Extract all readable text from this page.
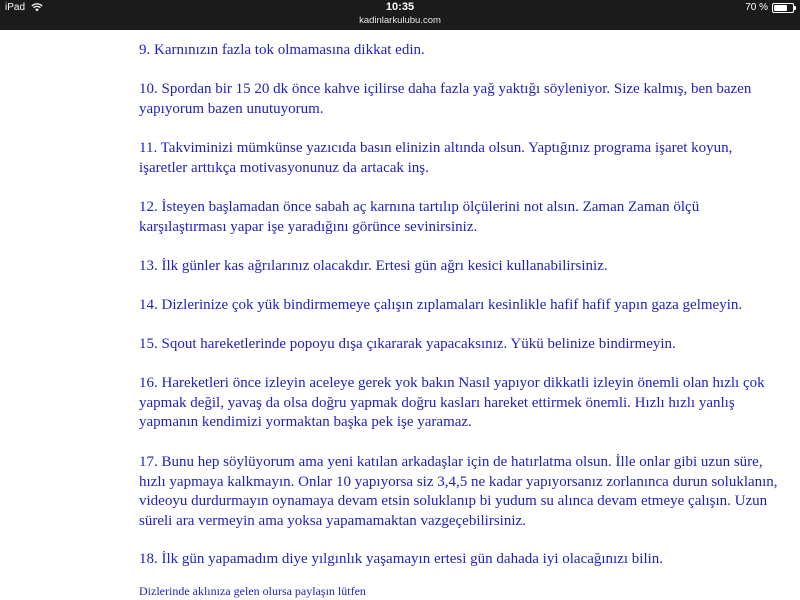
iPad	10:35
kadinlarkulubu.com
70 %

9. Karnınızın fazla tok olmamasına dikkat edin.

10. Spordan bir 15 20 dk önce kahve içilirse daha fazla yağ yaktığı söyleniyor. Size kalmış, ben bazen yapıyorum bazen unutuyorum.

11. Takviminizi mümkünse yazıcıda basın elinizin altında olsun. Yaptığınız programa işaret koyun, işaretler arttıkça motivasyonunuz da artacak inş.

12. İsteyen başlamadan önce sabah aç karnına tartılıp ölçülerini not alsın. Zaman Zaman ölçü karşılaştırması yapar işe yaradığını görünce sevinirsiniz.

13. İlk günler kas ağrılarınız olacakdır. Ertesi gün ağrı kesici kullanabilirsiniz.

14. Dizlerinize çok yük bindirmemeye çalışın zıplamaları kesinlikle hafif hafif yapın gaza gelmeyin.

15. Sqout hareketlerinde popoyu dışa çıkararak yapacaksınız. Yükü belinize bindirmeyin.

16. Hareketleri önce izleyin aceleye gerek yok bakın Nasıl yapıyor dikkatli izleyin önemli olan hızlı çok yapmak değil, yavaş da olsa doğru yapmak doğru kasları hareket ettirmek önemli. Hızlı hızlı yanlış yapmanın kendimizi yormaktan başka pek işe yaramaz.

17. Bunu hep söylüyorum ama yeni katılan arkadaşlar için de hatırlatma olsun. İlle onlar gibi uzun süre, hızlı yapmaya kalkmayın. Onlar 10 yapıyorsa siz 3,4,5 ne kadar yapıyorsanız zorlanınca durun soluklanın, videoyu durdurmayın oynamaya devam etsin soluklanıp bi yudum su alınca devam etmeye çalışın. Uzun süreli ara vermeyin ama yoksa yapamamaktan vazgeçebilirsiniz.

18. İlk gün yapamadım diye yılgınlık yaşamayın ertesi gün dahada iyi olacağınızı bilin.

Dizlerinde aklınıza gelen olursa paylaşın lütfen
